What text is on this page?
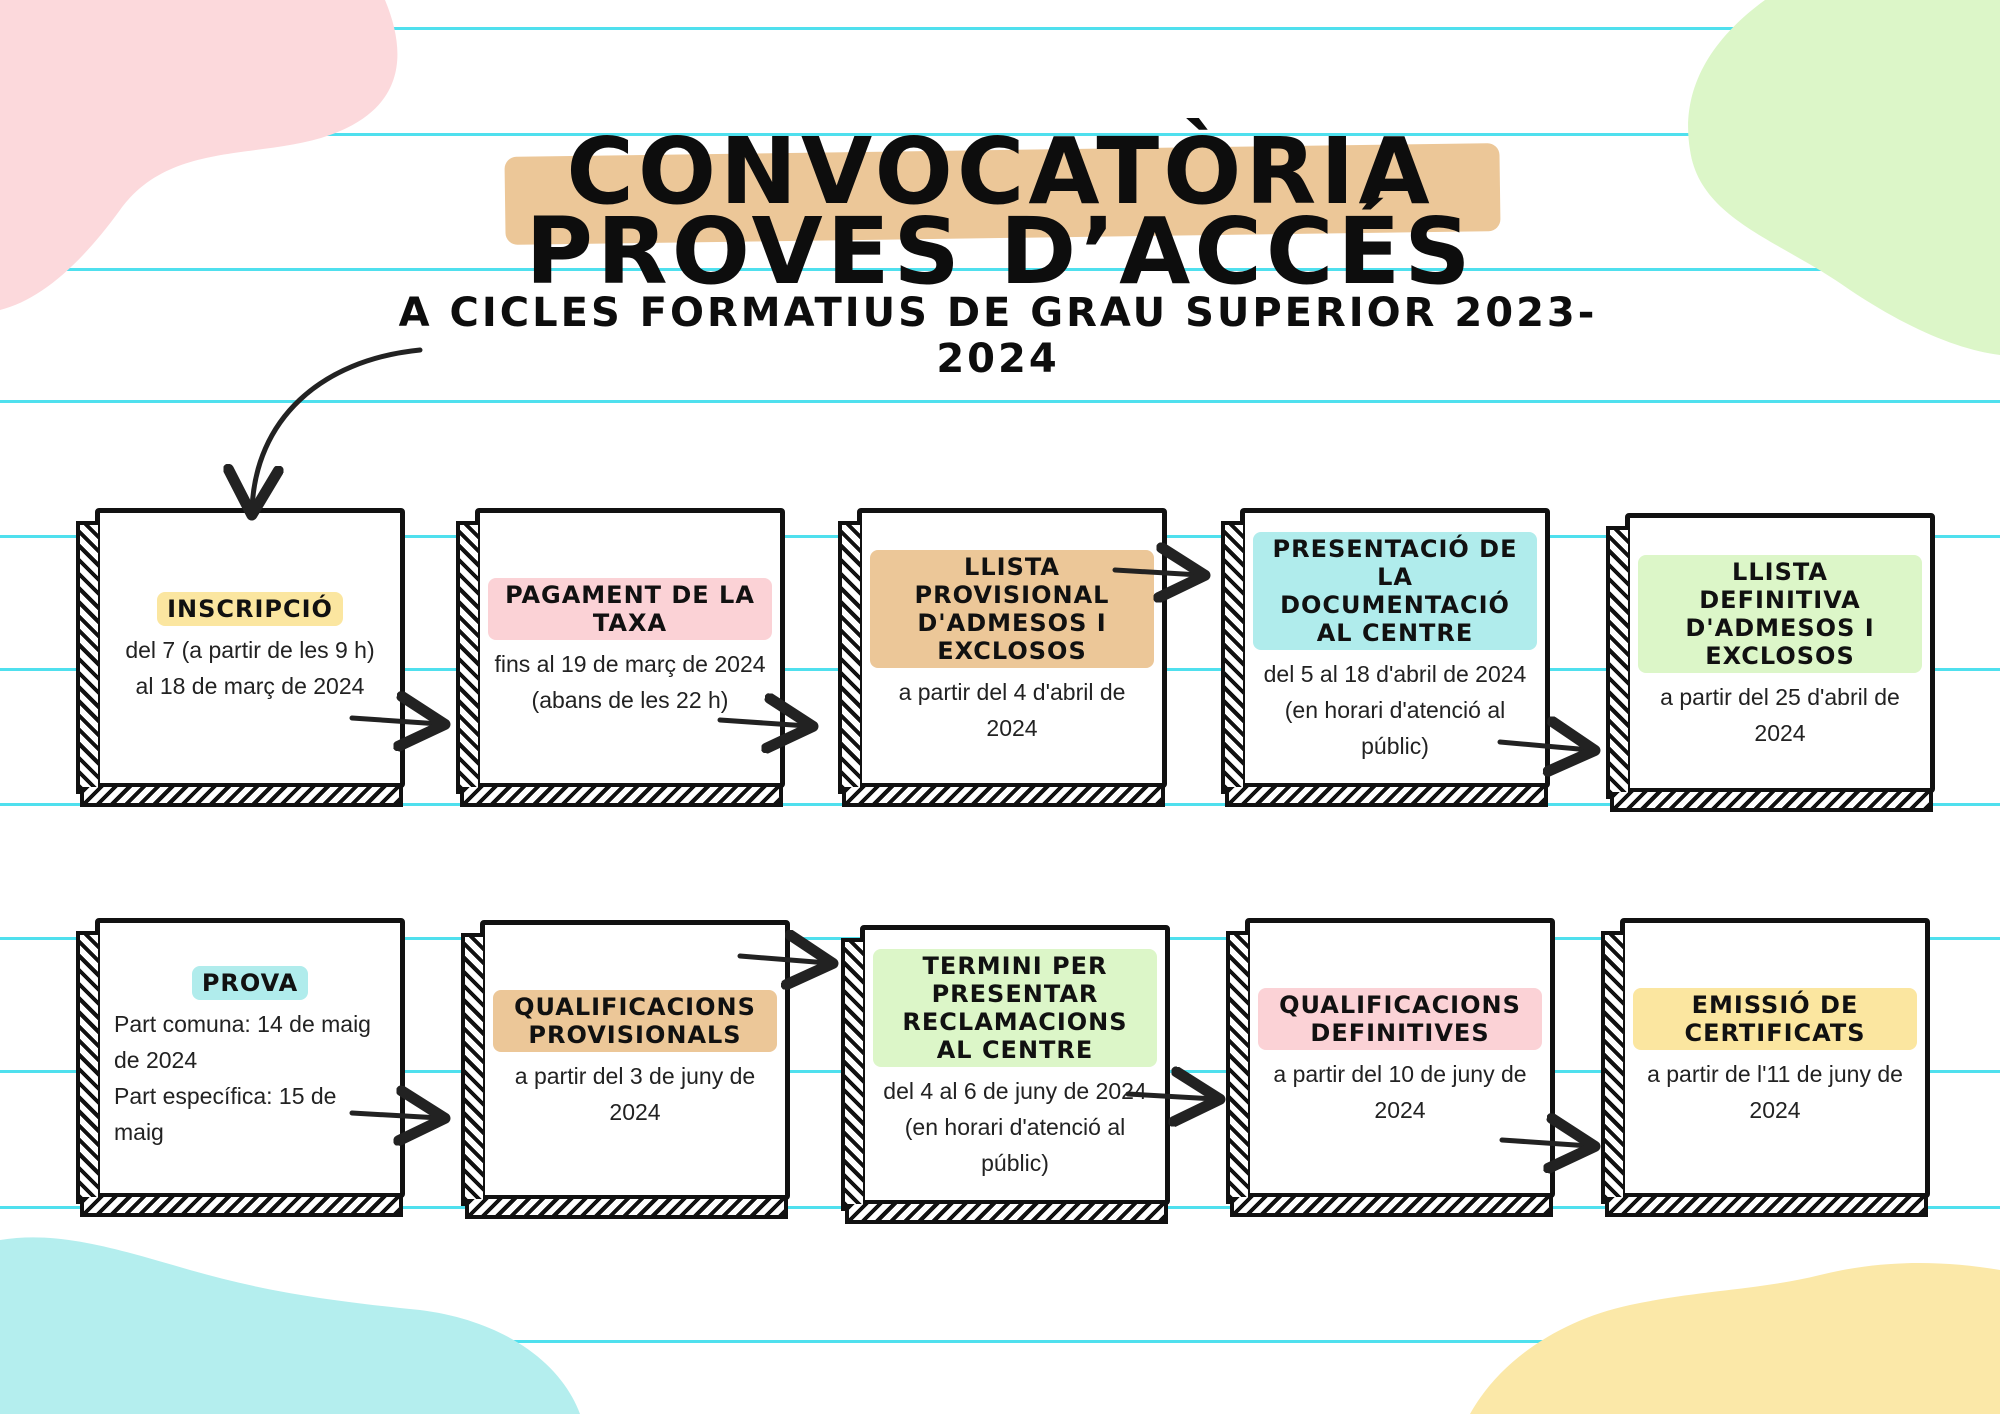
CONVOCATÒRIA
PROVES D’ACCÉS
A CICLES FORMATIUS DE GRAU SUPERIOR 2023-2024
INSCRIPCIÓ
del 7 (a partir de les 9 h) al 18 de març de 2024
PAGAMENT DE LA TAXA
fins al 19 de març de 2024 (abans de les 22 h)
LLISTA PROVISIONAL D'ADMESOS I EXCLOSOS
a partir del 4 d'abril de 2024
PRESENTACIÓ DE LA DOCUMENTACIÓ AL CENTRE
del 5 al 18 d'abril de 2024 (en horari d'atenció al públic)
LLISTA DEFINITIVA D'ADMESOS I EXCLOSOS
a partir del 25 d'abril de 2024
PROVA
Part comuna: 14 de maig de 2024
Part específica: 15 de maig
QUALIFICACIONS PROVISIONALS
a partir del 3 de juny de 2024
TERMINI PER PRESENTAR RECLAMACIONS AL CENTRE
del 4 al 6 de juny de 2024 (en horari d'atenció al públic)
QUALIFICACIONS DEFINITIVES
a partir del 10 de juny de 2024
EMISSIÓ DE CERTIFICATS
a partir de l'11 de juny de 2024
